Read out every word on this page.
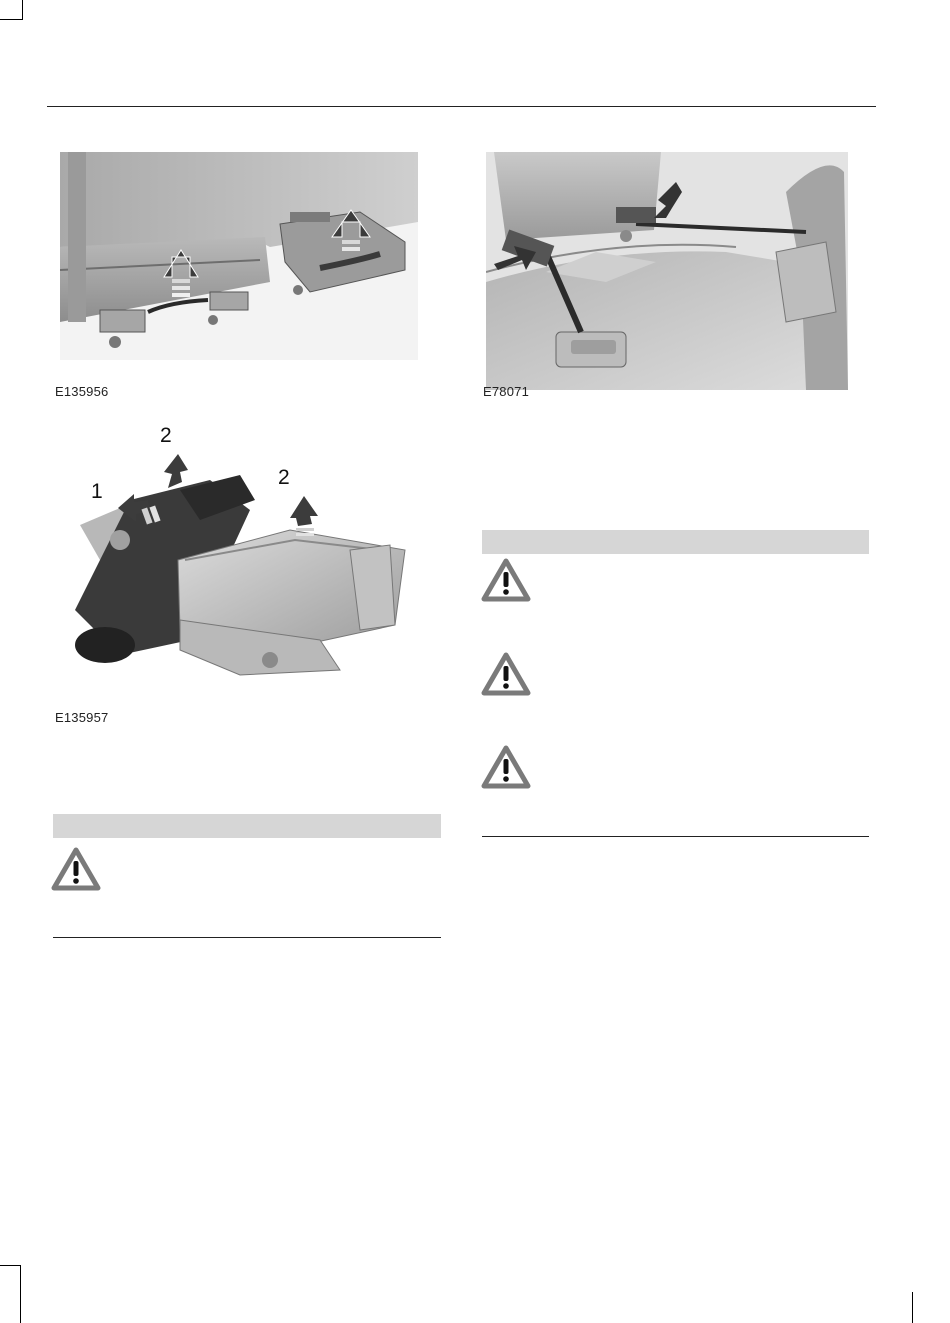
E135956	E78071
2
1
2
E135957
